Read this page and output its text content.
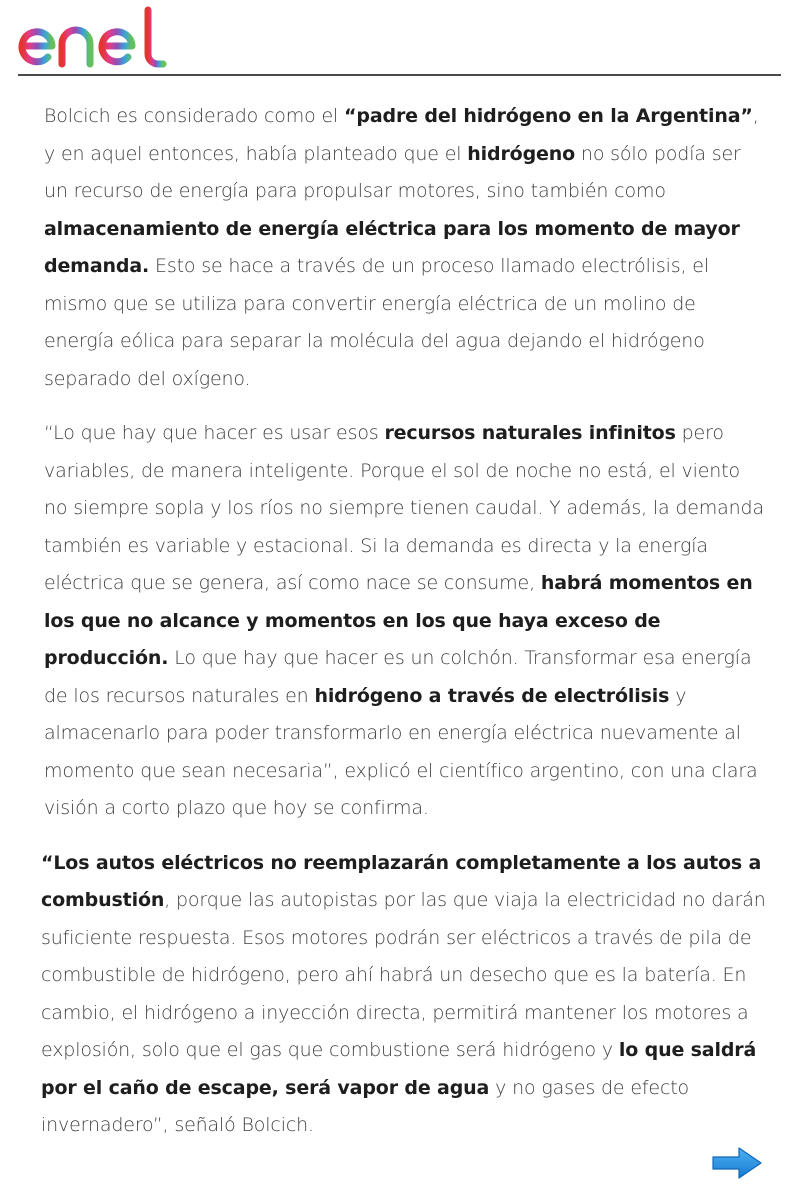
Bolcich es considerado como el “padre del hidrógeno en la Argentina”, y en aquel entonces, había planteado que el hidrógeno no sólo podía ser un recurso de energía para propulsar motores, sino también como almacenamiento de energía eléctrica para los momento de mayor demanda. Esto se hace a través de un proceso llamado electrólisis, el mismo que se utiliza para convertir energía eléctrica de un molino de energía eólica para separar la molécula del agua dejando el hidrógeno separado del oxígeno.

“Lo que hay que hacer es usar esos recursos naturales infinitos pero variables, de manera inteligente. Porque el sol de noche no está, el viento no siempre sopla y los ríos no siempre tienen caudal. Y además, la demanda también es variable y estacional. Si la demanda es directa y la energía eléctrica que se genera, así como nace se consume, habrá momentos en los que no alcance y momentos en los que haya exceso de producción. Lo que hay que hacer es un colchón. Transformar esa energía de los recursos naturales en hidrógeno a través de electrólisis y almacenarlo para poder transformarlo en energía eléctrica nuevamente al momento que sean necesaria”, explicó el científico argentino, con una clara visión a corto plazo que hoy se confirma.

“Los autos eléctricos no reemplazarán completamente a los autos a combustión, porque las autopistas por las que viaja la electricidad no darán suficiente respuesta. Esos motores podrán ser eléctricos a través de pila de combustible de hidrógeno, pero ahí habrá un desecho que es la batería. En cambio, el hidrógeno a inyección directa, permitirá mantener los motores a explosión, solo que el gas que combustione será hidrógeno y lo que saldrá por el caño de escape, será vapor de agua y no gases de efecto invernadero”, señaló Bolcich.
